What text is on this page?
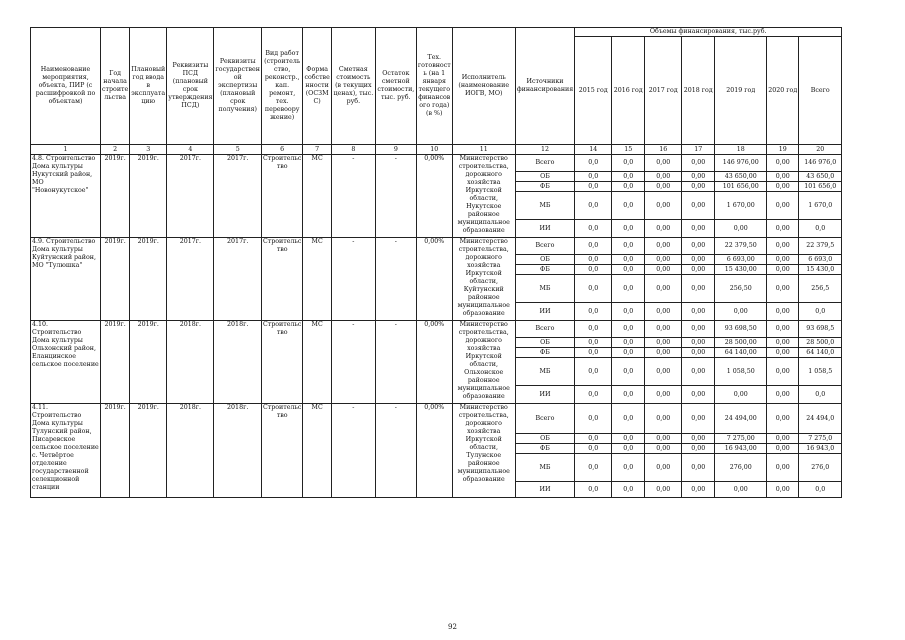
Наименование мероприятия, объекта, ПИР (с расшифровкой по объектам)	Год начала строите льства	Плановый год ввода в эксплуата цию	Реквизиты ПСД (плановый срок утверждения ПСД)	Реквизиты государствен ой экспертизы (плановый срок получения)	Вид работ (строитель ство, реконстр., кап. ремонт, тех. перевоору жение)	Форма собстве нности (ОСЗМ С)	Сметная стоимость (в текущих ценах), тыс. руб.	Остаток сметной стоимости, тыс. руб.	Тех. готовност ь (на 1 января текущего финансов ого года) (в %)	Исполнитель (наименование ИОГВ, МО)	Источники финансирования	Объемы финансирования, тыс.руб.						
												2015 год	2016 год	2017 год	2018 год	2019 год	2020 год	Всего
1	2	3	4	5	6	7	8	9	10	11	12	14	15	16	17	18	19	20
4.8. Строительство Дома культуры Нукутский район, МО "Новонукутское"	2019г.	2019г.	2017г.	2017г.	Строительс тво	МС	-	-	0,00%	Министерство строительства, дорожного хозяйства Иркутской области, Нукутское районное муниципальное образование	Всего	0,0	0,0	0,00	0,00	146 976,00	0,00	146 976,0
											ОБ	0,0	0,0	0,00	0,00	43 650,00	0,00	43 650,0
											ФБ	0,0	0,0	0,00	0,00	101 656,00	0,00	101 656,0
											МБ	0,0	0,0	0,00	0,00	1 670,00	0,00	1 670,0
											ИИ	0,0	0,0	0,00	0,00	0,00	0,00	0,0
4.9. Строительство Дома культуры Куйтунский район, МО "Тулюшка"	2019г.	2019г.	2017г.	2017г.	Строительс тво	МС	-	-	0,00%	Министерство строительства, дорожного хозяйства Иркутской области, Куйтунский районное муниципальное образование	Всего	0,0	0,0	0,00	0,00	22 379,50	0,00	22 379,5
											ОБ	0,0	0,0	0,00	0,00	6 693,00	0,00	6 693,0
											ФБ	0,0	0,0	0,00	0,00	15 430,00	0,00	15 430,0
											МБ	0,0	0,0	0,00	0,00	256,50	0,00	256,5
											ИИ	0,0	0,0	0,00	0,00	0,00	0,00	0,0
4.10. Строительство Дома культуры Ольхонский район, Еланцинское сельское поселение	2019г.	2019г.	2018г.	2018г.	Строительс тво	МС	-	-	0,00%	Министерство строительства, дорожного хозяйства Иркутской области, Ольхонское районное муниципальное образование	Всего	0,0	0,0	0,00	0,00	93 698,50	0,00	93 698,5
											ОБ	0,0	0,0	0,00	0,00	28 500,00	0,00	28 500,0
											ФБ	0,0	0,0	0,00	0,00	64 140,00	0,00	64 140,0
											МБ	0,0	0,0	0,00	0,00	1 058,50	0,00	1 058,5
											ИИ	0,0	0,0	0,00	0,00	0,00	0,00	0,0
4.11. Строительство Дома культуры Тулунский район, Писаревское сельское поселение с. Четвёртое отделение государственной селекционной станции	2019г.	2019г.	2018г.	2018г.	Строительс тво	МС	-	-	0,00%	Министерство строительства, дорожного хозяйства Иркутской области, Тулунское районное муниципальное образование	Всего	0,0	0,0	0,00	0,00	24 494,00	0,00	24 494,0
											ОБ	0,0	0,0	0,00	0,00	7 275,00	0,00	7 275,0
											ФБ	0,0	0,0	0,00	0,00	16 943,00	0,00	16 943,0
											МБ	0,0	0,0	0,00	0,00	276,00	0,00	276,0
											ИИ	0,0	0,0	0,00	0,00	0,00	0,00	0,0
92
